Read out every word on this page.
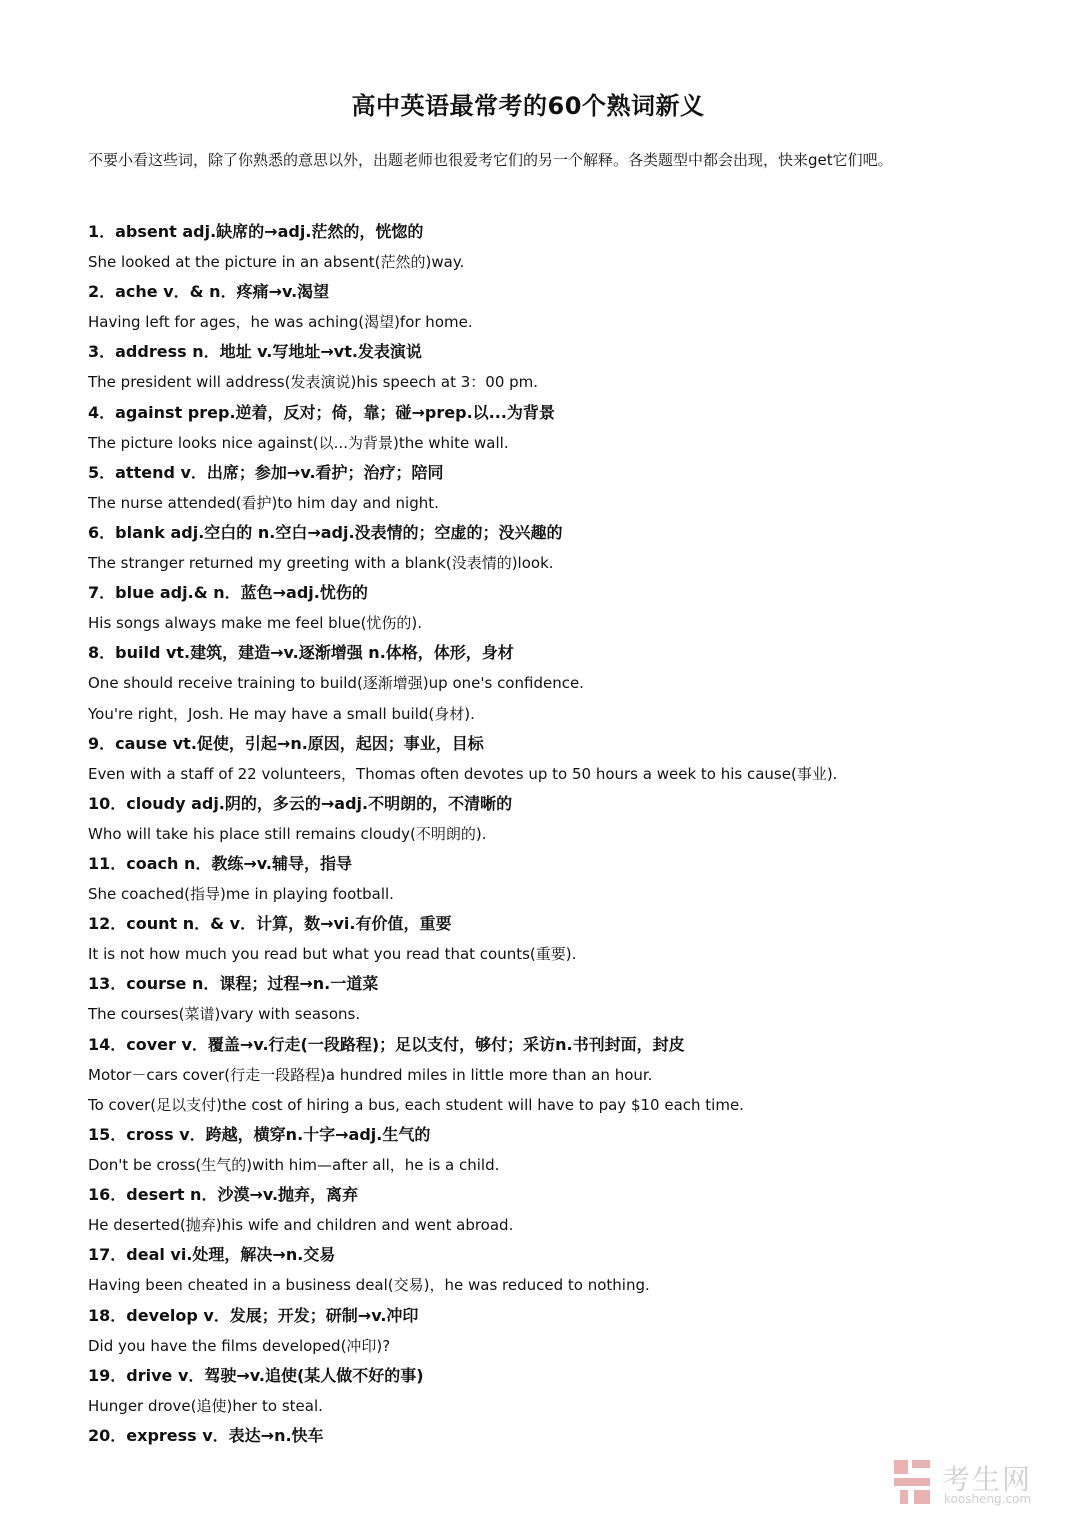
高中英语最常考的60个熟词新义
不要小看这些词，除了你熟悉的意思以外，出题老师也很爱考它们的另一个解释。各类题型中都会出现，快来get它们吧。
1．absent adj.缺席的→adj.茫然的，恍惚的
She looked at the picture in an absent(茫然的)way.
2．ache v．& n．疼痛→v.渴望
Having left for ages，he was aching(渴望)for home.
3．address n．地址 v.写地址→vt.发表演说
The president will address(发表演说)his speech at 3：00 pm.
4．against prep.逆着，反对；倚，靠；碰→prep.以...为背景
The picture looks nice against(以...为背景)the white wall.
5．attend v．出席；参加→v.看护；治疗；陪同
The nurse attended(看护)to him day and night.
6．blank adj.空白的 n.空白→adj.没表情的；空虚的；没兴趣的
The stranger returned my greeting with a blank(没表情的)look.
7．blue adj.& n．蓝色→adj.忧伤的
His songs always make me feel blue(忧伤的).
8．build vt.建筑，建造→v.逐渐增强 n.体格，体形，身材
One should receive training to build(逐渐增强)up one's confidence.
You're right，Josh. He may have a small build(身材).
9．cause vt.促使，引起→n.原因，起因；事业，目标
Even with a staff of 22 volunteers，Thomas often devotes up to 50 hours a week to his cause(事业).
10．cloudy adj.阴的，多云的→adj.不明朗的，不清晰的
Who will take his place still remains cloudy(不明朗的).
11．coach n．教练→v.辅导，指导
She coached(指导)me in playing football.
12．count n．& v．计算，数→vi.有价值，重要
It is not how much you read but what you read that counts(重要).
13．course n．课程；过程→n.一道菜
The courses(菜谱)vary with seasons.
14．cover v．覆盖→v.行走(一段路程)；足以支付，够付；采访n.书刊封面，封皮
Motor－cars cover(行走一段路程)a hundred miles in little more than an hour.
To cover(足以支付)the cost of hiring a bus, each student will have to pay $10 each time.
15．cross v．跨越，横穿n.十字→adj.生气的
Don't be cross(生气的)with him—after all，he is a child.
16．desert n．沙漠→v.抛弃，离弃
He deserted(抛弃)his wife and children and went abroad.
17．deal vi.处理，解决→n.交易
Having been cheated in a business deal(交易)，he was reduced to nothing.
18．develop v．发展；开发；研制→v.冲印
Did you have the films developed(冲印)?
19．drive v．驾驶→v.追使(某人做不好的事)
Hunger drove(追使)her to steal.
20．express v．表达→n.快车
考生网
koosheng.com
